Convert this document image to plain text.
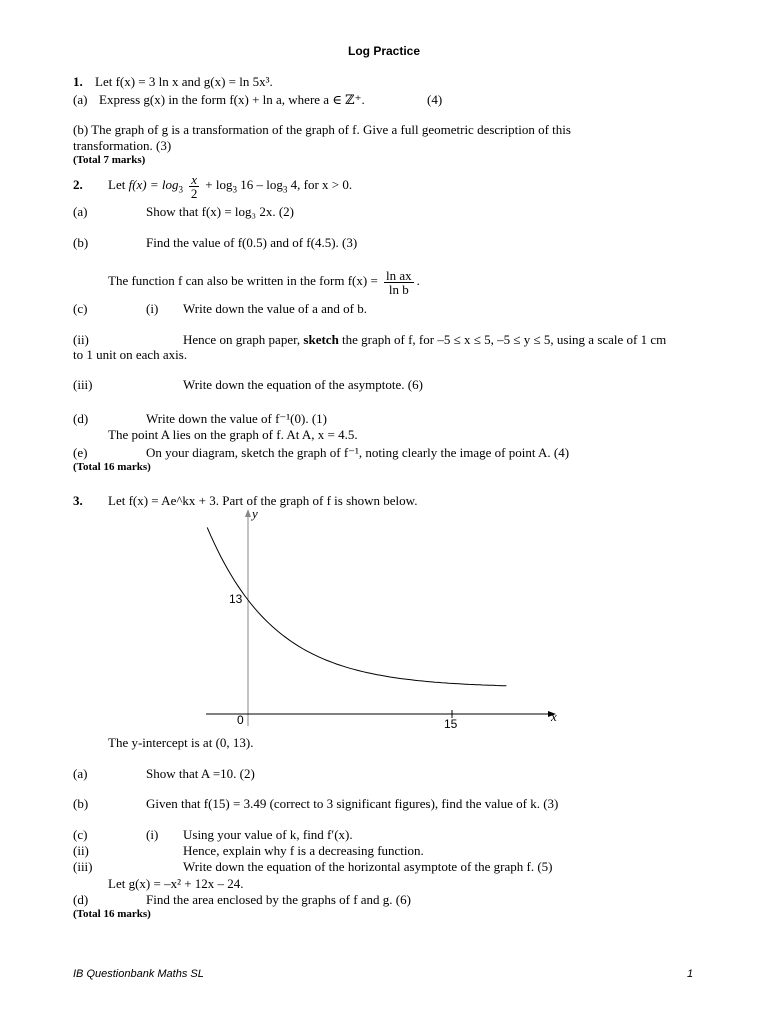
Log Practice
1. Let f(x) = 3 ln x and g(x) = ln 5x³.
(a) Express g(x) in the form f(x) + ln a, where a ∈ ℤ⁺.	(4)
(b) The graph of g is a transformation of the graph of f. Give a full geometric description of this
transformation. (3)
(Total 7 marks)
2. Let $f(x) = \log_3 \frac{x}{2} + \log_3 16 - \log_3 4$, for x > 0.
(a)	Show that f(x) = log₃ 2x. (2)
(b)	Find the value of f(0.5) and of f(4.5). (3)
The function f can also be written in the form $f(x) = \frac{\text{ln ax}}{\text{ln b}}$ .
(c)	(i) Write down the value of a and of b.
(ii)	Hence on graph paper, sketch the graph of f, for –5 ≤ x ≤ 5, –5 ≤ y ≤ 5, using a scale of 1 cm
to 1 unit on each axis.
(iii)	Write down the equation of the asymptote. (6)
(d)	Write down the value of f⁻¹(0). (1)
The point A lies on the graph of f. At A, x = 4.5.
(e)	On your diagram, sketch the graph of f⁻¹, noting clearly the image of point A. (4)
(Total 16 marks)
3. Let f(x) = Ae^kx + 3. Part of the graph of f is shown below.
y
x
0	15
13
The y-intercept is at (0, 13).
(a)	Show that A =10. (2)
(b)	Given that f(15) = 3.49 (correct to 3 significant figures), find the value of k. (3)
(c)	(i) Using your value of k, find f′(x).
(ii)	Hence, explain why f is a decreasing function.
(iii)	Write down the equation of the horizontal asymptote of the graph f. (5)
Let g(x) = –x² + 12x – 24.
(d)	Find the area enclosed by the graphs of f and g. (6)
(Total 16 marks)
IB Questionbank Maths SL	1
